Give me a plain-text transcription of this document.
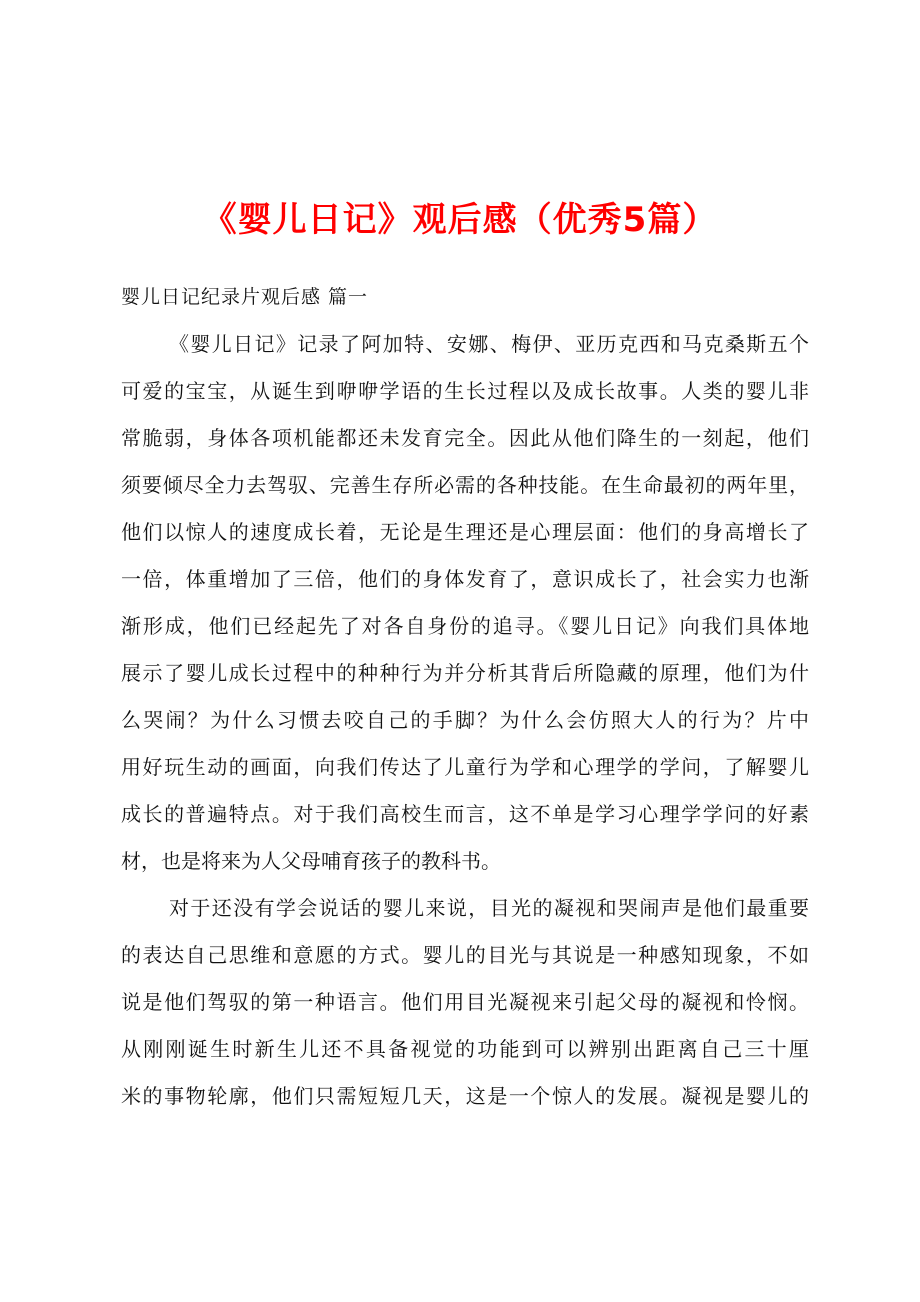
《婴儿日记》观后感（优秀5篇）
婴儿日记纪录片观后感 篇一
《婴儿日记》记录了阿加特、安娜、梅伊、亚历克西和马克桑斯五个
可爱的宝宝，从诞生到咿咿学语的生长过程以及成长故事。人类的婴儿非
常脆弱，身体各项机能都还未发育完全。因此从他们降生的一刻起，他们
须要倾尽全力去驾驭、完善生存所必需的各种技能。在生命最初的两年里，
他们以惊人的速度成长着，无论是生理还是心理层面：他们的身高增长了
一倍，体重增加了三倍，他们的身体发育了，意识成长了，社会实力也渐
渐形成，他们已经起先了对各自身份的追寻。《婴儿日记》向我们具体地
展示了婴儿成长过程中的种种行为并分析其背后所隐藏的原理，他们为什
么哭闹？为什么习惯去咬自己的手脚？为什么会仿照大人的行为？片中
用好玩生动的画面，向我们传达了儿童行为学和心理学的学问，了解婴儿
成长的普遍特点。对于我们高校生而言，这不单是学习心理学学问的好素
材，也是将来为人父母哺育孩子的教科书。
对于还没有学会说话的婴儿来说，目光的凝视和哭闹声是他们最重要
的表达自己思维和意愿的方式。婴儿的目光与其说是一种感知现象，不如
说是他们驾驭的第一种语言。他们用目光凝视来引起父母的凝视和怜悯。
从刚刚诞生时新生儿还不具备视觉的功能到可以辨别出距离自己三十厘
米的事物轮廓，他们只需短短几天，这是一个惊人的发展。凝视是婴儿的
